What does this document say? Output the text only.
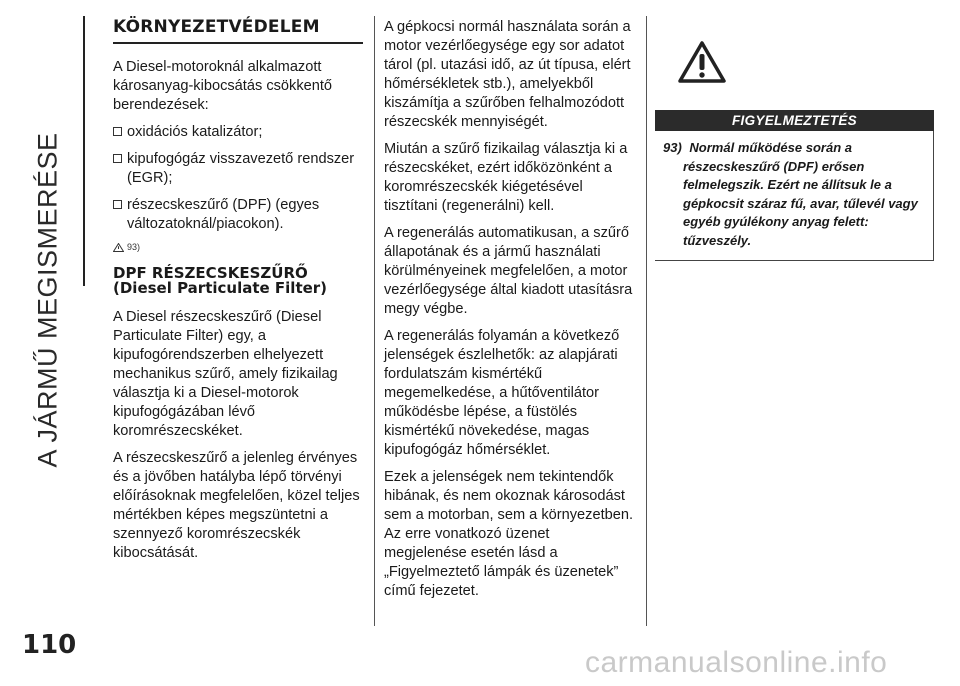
A JÁRMŰ MEGISMERÉSE
110
KÖRNYEZETVÉDELEM

A Diesel-motoroknál alkalmazott károsanyag-kibocsátás csökkentő berendezések:

oxidációs katalizátor;
kipufogógáz visszavezető rendszer (EGR);
részecskeszűrő (DPF) (egyes változatoknál/piacokon).
93)
DPF RÉSZECSKESZŰRŐ (Diesel Particulate Filter)

A Diesel részecskeszűrő (Diesel Particulate Filter) egy, a kipufogórendszerben elhelyezett mechanikus szűrő, amely fizikailag választja ki a Diesel-motorok kipufogógázában lévő koromrészecskéket.

A részecskeszűrő a jelenleg érvényes és a jövőben hatályba lépő törvényi előírásoknak megfelelően, közel teljes mértékben képes megszüntetni a szennyező koromrészecskék kibocsátását.

A gépkocsi normál használata során a motor vezérlőegysége egy sor adatot tárol (pl. utazási idő, az út típusa, elért hőmérsékletek stb.), amelyekből kiszámítja a szűrőben felhalmozódott részecskék mennyiségét.

Miután a szűrő fizikailag választja ki a részecskéket, ezért időközönként a koromrészecskék kiégetésével tisztítani (regenerálni) kell.

A regenerálás automatikusan, a szűrő állapotának és a jármű használati körülményeinek megfelelően, a motor vezérlőegysége által kiadott utasításra megy végbe.

A regenerálás folyamán a következő jelenségek észlelhetők: az alapjárati fordulatszám kismértékű megemelkedése, a hűtőventilátor működésbe lépése, a füstölés kismértékű növekedése, magas kipufogógáz hőmérséklet.

Ezek a jelenségek nem tekintendők hibának, és nem okoznak károsodást sem a motorban, sem a környezetben. Az erre vonatkozó üzenet megjelenése esetén lásd a „Figyelmeztető lámpák és üzenetek” című fejezetet.

FIGYELMEZTETÉS
93) Normál működése során a részecskeszűrő (DPF) erősen felmelegszik. Ezért ne állítsuk le a gépkocsit száraz fű, avar, tűlevél vagy egyéb gyúlékony anyag felett: tűzveszély.
carmanualsonline.info
